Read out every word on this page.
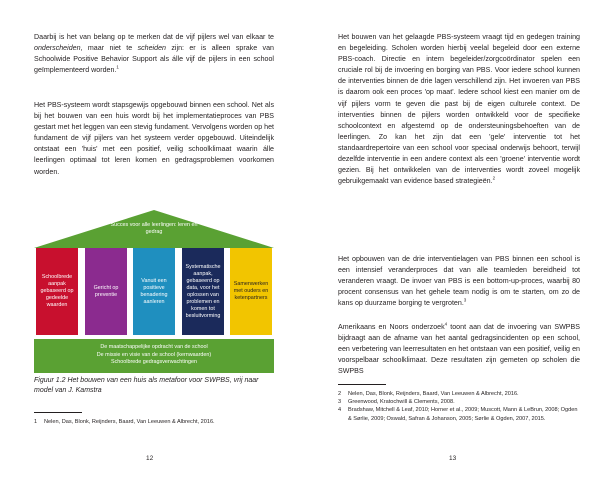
Daarbij is het van belang op te merken dat de vijf pijlers wel van elkaar te onderscheiden, maar niet te scheiden zijn: er is alleen sprake van Schoolwide Positive Behavior Support als álle vijf de pijlers in een school geïmplementeerd worden.$^1$

Het PBS-systeem wordt stapsgewijs opgebouwd binnen een school. Net als bij het bouwen van een huis wordt bij het implementatieproces van PBS gestart met het leggen van een stevig fundament. Vervolgens worden op het fundament de vijf pijlers van het systeem verder opgebouwd. Uiteindelijk ontstaat een 'huis' met een positief, veilig schoolklimaat waarin álle leerlingen optimaal tot leren komen en gedragsproblemen voorkomen worden.

Succes voor alle leerlingen: leren en gedrag
Schoolbrede aanpak gebaseerd op gedeelde waarden
Gericht op preventie
Vanuit een positieve benadering aanleren
Systematische aanpak, gebaseerd op data, voor het oplossen van problemen en komen tot besluitvorming
Samenwerken met ouders en ketenpartners
De maatschappelijke opdracht van de school
De missie en visie van de school (kernwaarden)
Schoolbrede gedragsverwachtingen

Figuur 1.2 Het bouwen van een huis als metafoor voor SWPBS, vrij naar model van J. Kamstra

1	Nelen, Das, Blonk, Reijnders, Baard, Van Leeuwen & Albrecht, 2016.
12

Het bouwen van het gelaagde PBS-systeem vraagt tijd en gedegen training en begeleiding. Scholen worden hierbij veelal begeleid door een externe PBS-coach. Directie en intern begeleider/zorgcoördinator spelen een cruciale rol bij de invoering en borging van PBS. Voor iedere school kunnen de interventies binnen de drie lagen verschillend zijn. Het invoeren van PBS is daarom ook een proces 'op maat'. Iedere school kiest een manier om de vijf pijlers vorm te geven die past bij de eigen culturele context. De interventies binnen de pijlers worden ontwikkeld voor de specifieke schoolcontext en afgestemd op de ondersteuningsbehoeften van de leerlingen. Zo kan het zijn dat een 'gele' interventie tot het standaardrepertoire van een school voor speciaal onderwijs behoort, terwijl dezelfde interventie in een andere context als een 'groene' interventie wordt gezien. Bij het ontwikkelen van de interventies wordt zoveel mogelijk gebruikgemaakt van evidence based strategieën.$^2$

Het opbouwen van de drie interventielagen van PBS binnen een school is een intensief veranderproces dat van alle teamleden bereidheid tot veranderen vraagt. De invoer van PBS is een bottom-up-proces, waarbij 80 procent consensus van het gehele team nodig is om te starten, om zo de kans op duurzame borging te vergroten.$^3$

Amerikaans en Noors onderzoek$^4$ toont aan dat de invoering van SWPBS bijdraagt aan de afname van het aantal gedragsincidenten op een school, een verbetering van leerresultaten en het ontstaan van een positief, veilig en voorspelbaar schoolklimaat. Deze resultaten zijn gemeten op scholen die SWPBS

2	Nelen, Das, Blonk, Reijnders, Baard, Van Leeuwen & Albrecht, 2016.
3	Greenwood, Kratochwill & Clements, 2008.
4	Bradshaw, Mitchell & Leaf, 2010; Horner et al., 2009; Muscott, Mann & LeBrun, 2008; Ogden & Sørlie, 2009; Oswald, Safran & Johanson, 2005; Sørlie & Ogden, 2007, 2015.
13
